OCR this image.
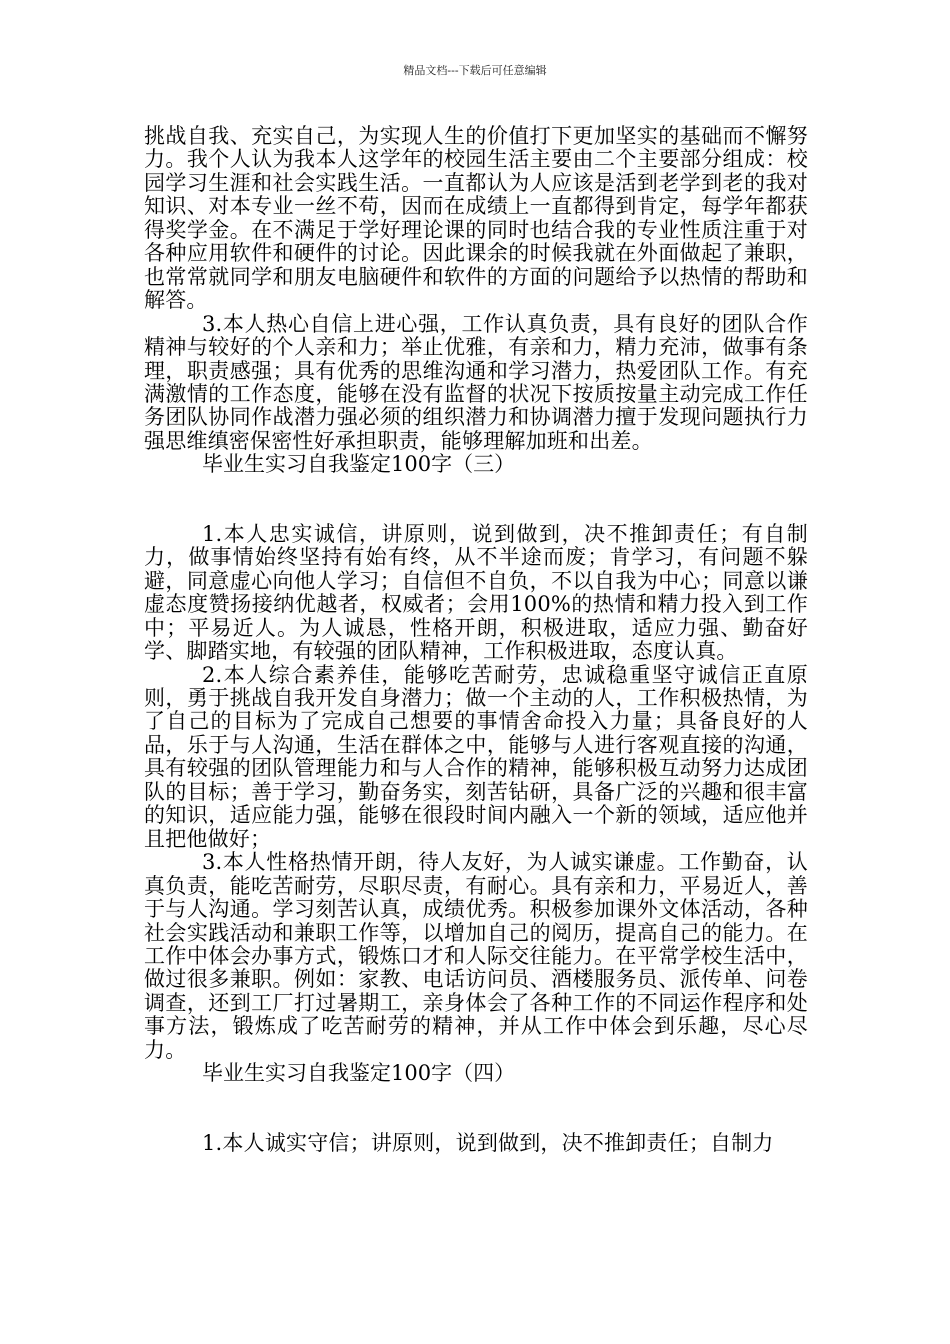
精品文档---下载后可任意编辑

挑战自我、充实自己，为实现人生的价值打下更加坚实的基础而不懈努力。我个人认为我本人这学年的校园生活主要由二个主要部分组成：校园学习生涯和社会实践生活。一直都认为人应该是活到老学到老的我对知识、对本专业一丝不苟，因而在成绩上一直都得到肯定，每学年都获得奖学金。在不满足于学好理论课的同时也结合我的专业性质注重于对各种应用软件和硬件的讨论。因此课余的时候我就在外面做起了兼职，也常常就同学和朋友电脑硬件和软件的方面的问题给予以热情的帮助和解答。

3.本人热心自信上进心强，工作认真负责，具有良好的团队合作精神与较好的个人亲和力；举止优雅，有亲和力，精力充沛，做事有条理，职责感强；具有优秀的思维沟通和学习潜力，热爱团队工作。有充满激情的工作态度，能够在没有监督的状况下按质按量主动完成工作任务团队协同作战潜力强必须的组织潜力和协调潜力擅于发现问题执行力强思维缜密保密性好承担职责，能够理解加班和出差。

毕业生实习自我鉴定100字（三）

1.本人忠实诚信，讲原则，说到做到，决不推卸责任；有自制力，做事情始终坚持有始有终，从不半途而废；肯学习，有问题不躲避，同意虚心向他人学习；自信但不自负，不以自我为中心；同意以谦虚态度赞扬接纳优越者，权威者；会用100%的热情和精力投入到工作中；平易近人。为人诚恳，性格开朗，积极进取，适应力强、勤奋好学、脚踏实地，有较强的团队精神，工作积极进取，态度认真。

2.本人综合素养佳，能够吃苦耐劳，忠诚稳重坚守诚信正直原则，勇于挑战自我开发自身潜力；做一个主动的人，工作积极热情，为了自己的目标为了完成自己想要的事情舍命投入力量；具备良好的人品，乐于与人沟通，生活在群体之中，能够与人进行客观直接的沟通，具有较强的团队管理能力和与人合作的精神，能够积极互动努力达成团队的目标；善于学习，勤奋务实，刻苦钻研，具备广泛的兴趣和很丰富的知识，适应能力强，能够在很段时间内融入一个新的领域，适应他并且把他做好；

3.本人性格热情开朗，待人友好，为人诚实谦虚。工作勤奋，认真负责，能吃苦耐劳，尽职尽责，有耐心。具有亲和力，平易近人，善于与人沟通。学习刻苦认真，成绩优秀。积极参加课外文体活动，各种社会实践活动和兼职工作等，以增加自己的阅历，提高自己的能力。在工作中体会办事方式，锻炼口才和人际交往能力。在平常学校生活中，做过很多兼职。例如：家教、电话访问员、酒楼服务员、派传单、问卷调查，还到工厂打过暑期工，亲身体会了各种工作的不同运作程序和处事方法，锻炼成了吃苦耐劳的精神，并从工作中体会到乐趣，尽心尽力。

毕业生实习自我鉴定100字（四）

1.本人诚实守信；讲原则，说到做到，决不推卸责任；自制力
